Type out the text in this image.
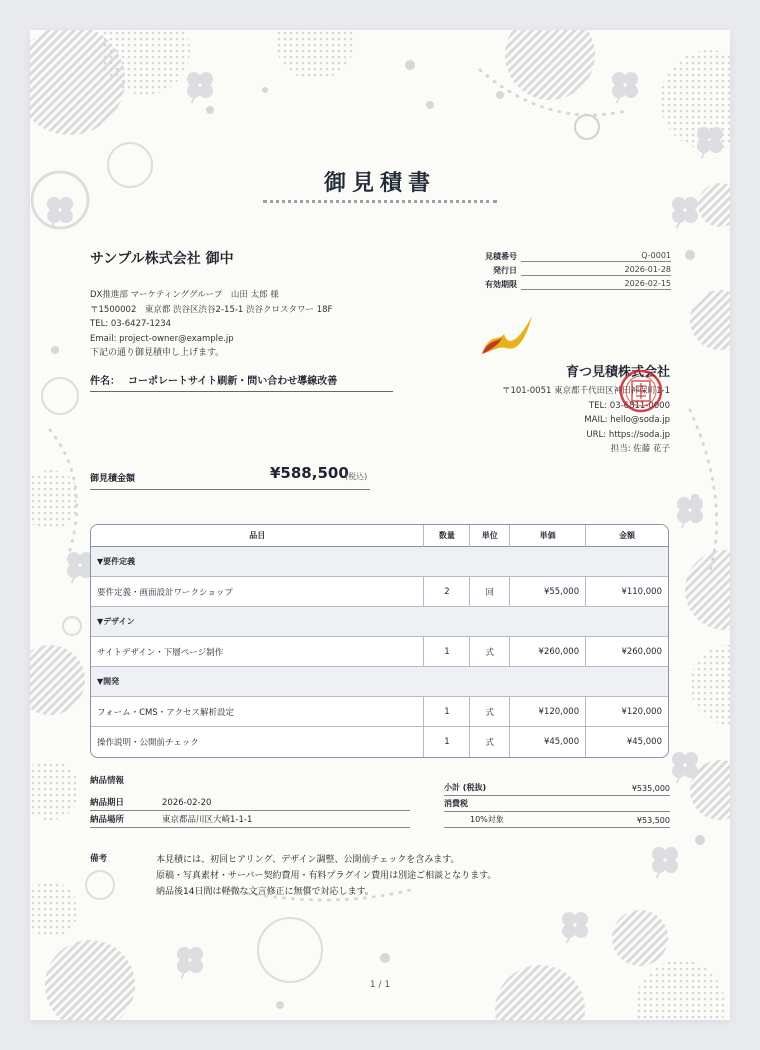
御見積書
サンプル株式会社 御中
DX推進部 マーケティンググループ　山田 太郎 様
〒1500002　東京都 渋谷区渋谷2-15-1 渋谷クロスタワー 18F
TEL: 03-6427-1234
Email: project-owner@example.jp
下記の通り御見積申し上げます。
件名： コーポレートサイト刷新・問い合わせ導線改善
見積番号	Q-0001
発行日	2026-01-28
有効期限	2026-02-15
育つ見積株式会社
〒101-0051 東京都千代田区神田神保町1-1
TEL: 03-6811-0000
MAIL: hello@soda.jp
URL: https://soda.jp
担当: 佐藤 花子
御見積金額	¥588,500
(税込)
品目	数量	単位	単価	金額
▼要件定義				
要件定義・画面設計ワークショップ	2	回	¥55,000	¥110,000
▼デザイン				
サイトデザイン・下層ページ制作	1	式	¥260,000	¥260,000
▼開発				
フォーム・CMS・アクセス解析設定	1	式	¥120,000	¥120,000
操作説明・公開前チェック	1	式	¥45,000	¥45,000
納品情報
納品期日	2026-02-20
納品場所	東京都品川区大崎1-1-1
小計 (税抜)	¥535,000
消費税
10%対象	¥53,500
備考	本見積には、初回ヒアリング、デザイン調整、公開前チェックを含みます。
原稿・写真素材・サーバー契約費用・有料プラグイン費用は別途ご相談となります。
納品後14日間は軽微な文言修正に無償で対応します。
1 / 1
